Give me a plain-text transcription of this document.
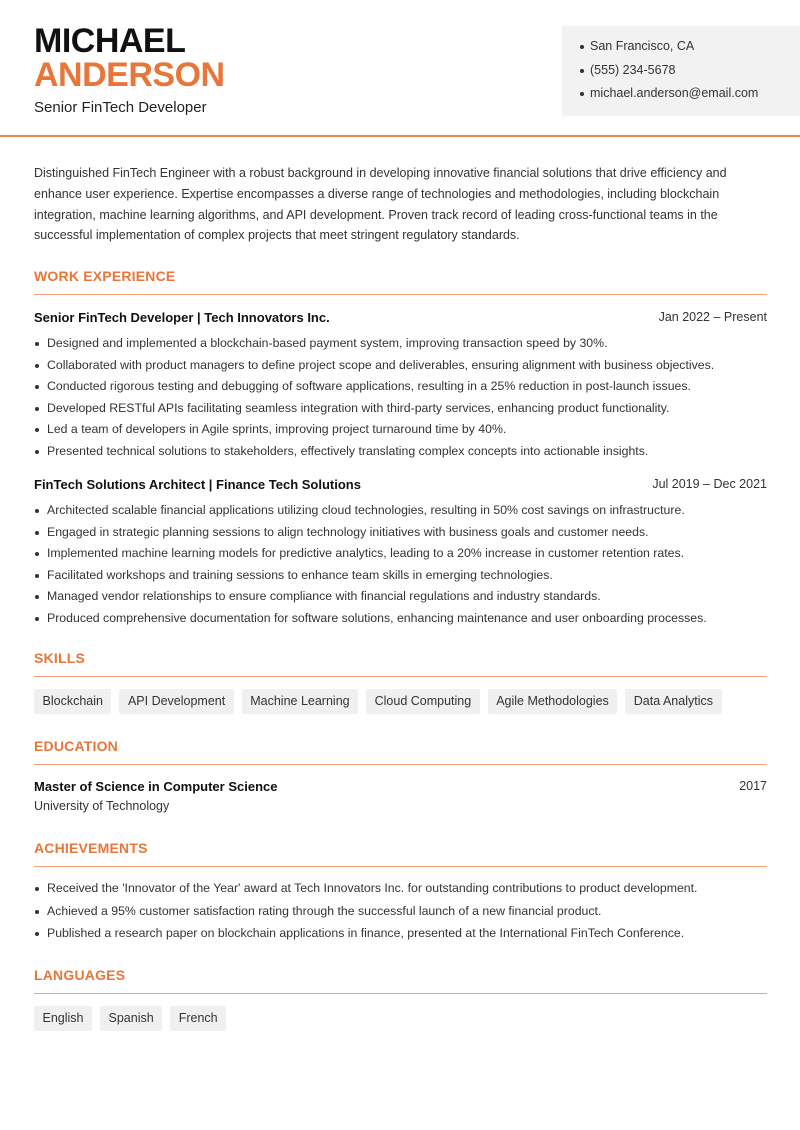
MICHAEL
ANDERSON
Senior FinTech Developer
San Francisco, CA
(555) 234-5678
michael.anderson@email.com

Distinguished FinTech Engineer with a robust background in developing innovative financial solutions that drive efficiency and enhance user experience. Expertise encompasses a diverse range of technologies and methodologies, including blockchain integration, machine learning algorithms, and API development. Proven track record of leading cross-functional teams in the successful implementation of complex projects that meet stringent regulatory standards.

WORK EXPERIENCE
Senior FinTech Developer | Tech Innovators Inc.	Jan 2022 – Present
Designed and implemented a blockchain-based payment system, improving transaction speed by 30%.
Collaborated with product managers to define project scope and deliverables, ensuring alignment with business objectives.
Conducted rigorous testing and debugging of software applications, resulting in a 25% reduction in post-launch issues.
Developed RESTful APIs facilitating seamless integration with third-party services, enhancing product functionality.
Led a team of developers in Agile sprints, improving project turnaround time by 40%.
Presented technical solutions to stakeholders, effectively translating complex concepts into actionable insights.
FinTech Solutions Architect | Finance Tech Solutions	Jul 2019 – Dec 2021
Architected scalable financial applications utilizing cloud technologies, resulting in 50% cost savings on infrastructure.
Engaged in strategic planning sessions to align technology initiatives with business goals and customer needs.
Implemented machine learning models for predictive analytics, leading to a 20% increase in customer retention rates.
Facilitated workshops and training sessions to enhance team skills in emerging technologies.
Managed vendor relationships to ensure compliance with financial regulations and industry standards.
Produced comprehensive documentation for software solutions, enhancing maintenance and user onboarding processes.
SKILLS
Blockchain	API Development	Machine Learning	Cloud Computing	Agile Methodologies	Data Analytics
EDUCATION
Master of Science in Computer Science	2017
University of Technology
ACHIEVEMENTS
Received the 'Innovator of the Year' award at Tech Innovators Inc. for outstanding contributions to product development.
Achieved a 95% customer satisfaction rating through the successful launch of a new financial product.
Published a research paper on blockchain applications in finance, presented at the International FinTech Conference.
LANGUAGES
English	Spanish	French
